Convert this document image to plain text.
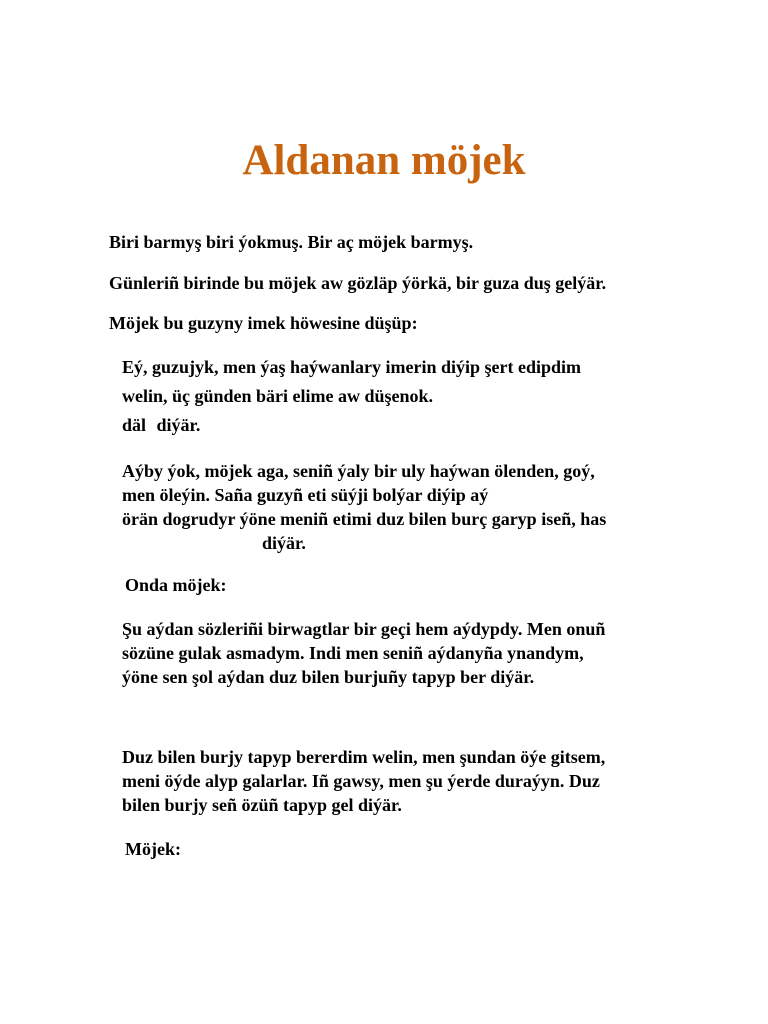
Aldanan möjek

Biri barmyş biri ýokmuş. Bir aç möjek barmyş.

Günleriñ birinde bu möjek aw gözläp ýörkä, bir guza duş gelýär.

Möjek bu guzyny imek höwesine düşüp:

Eý, guzujyk, men ýaş haýwanlary imerin diýip şert edipdim

welin, üç günden bäri elime aw düşenok.

däl diýär.

Aýby ýok, möjek aga, seniñ ýaly bir uly haýwan ölenden, goý,

men öleýin. Saña guzyñ eti süýji bolýar diýip aý

örän dogrudyr ýöne meniñ etimi duz bilen burç garyp iseñ, has

diýär.

Onda möjek:

Şu aýdan sözleriñi birwagtlar bir geçi hem aýdypdy. Men onuñ

sözüne gulak asmadym. Indi men seniñ aýdanyña ynandym,

ýöne sen şol aýdan duz bilen burjuñy tapyp ber diýär.

Duz bilen burjy tapyp bererdim welin, men şundan öýe gitsem,

meni öýde alyp galarlar. Iñ gawsy, men şu ýerde duraýyn. Duz

bilen burjy señ özüñ tapyp gel diýär.

Möjek:
